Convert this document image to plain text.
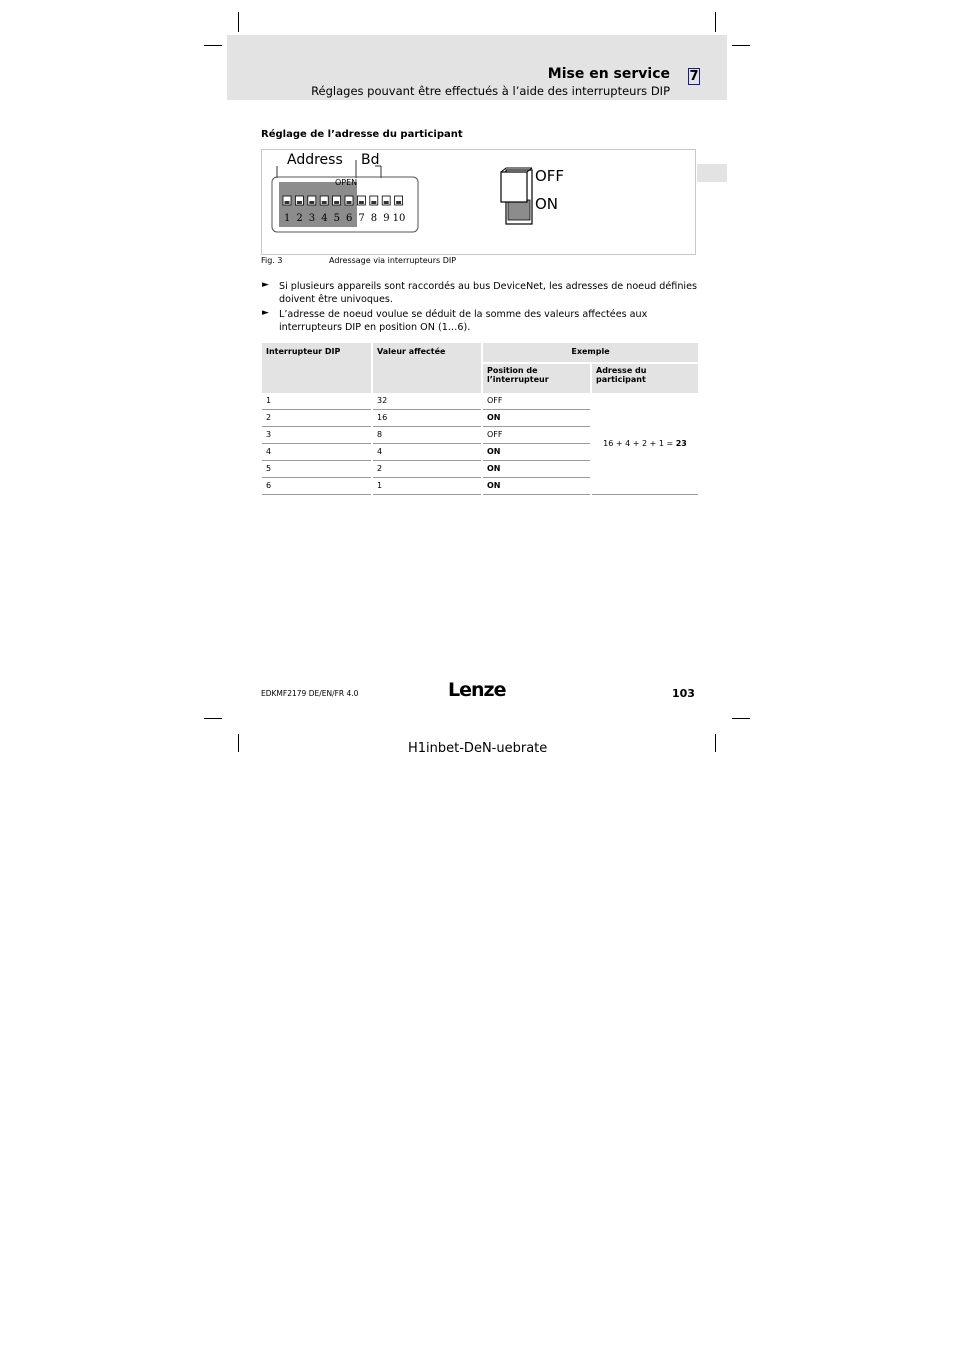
Mise en service 7
Réglages pouvant être effectués à l’aide des interrupteurs DIP
Réglage de l’adresse du participant
Address Bd
OPEN
1 2 3 4 5 6 7 8 9 10
OFF
ON
Fig. 3	Adressage via interrupteurs DIP
► Si plusieurs appareils sont raccordés au bus DeviceNet, les adresses de noeud définies doivent être univoques.
► L’adresse de noeud voulue se déduit de la somme des valeurs affectées aux interrupteurs DIP en position ON (1…6).
Interrupteur DIP	Valeur affectée	Exemple	
		Position de l’interrupteur	Adresse du participant
1	32	OFF	16 + 4 + 2 + 1 = 23
2	16	ON	
3	8	OFF	
4	4	ON	
5	2	ON	
6	1	ON	
EDKMF2179 DE/EN/FR 4.0	Lenze	103
H1inbet-DeN-uebrate
